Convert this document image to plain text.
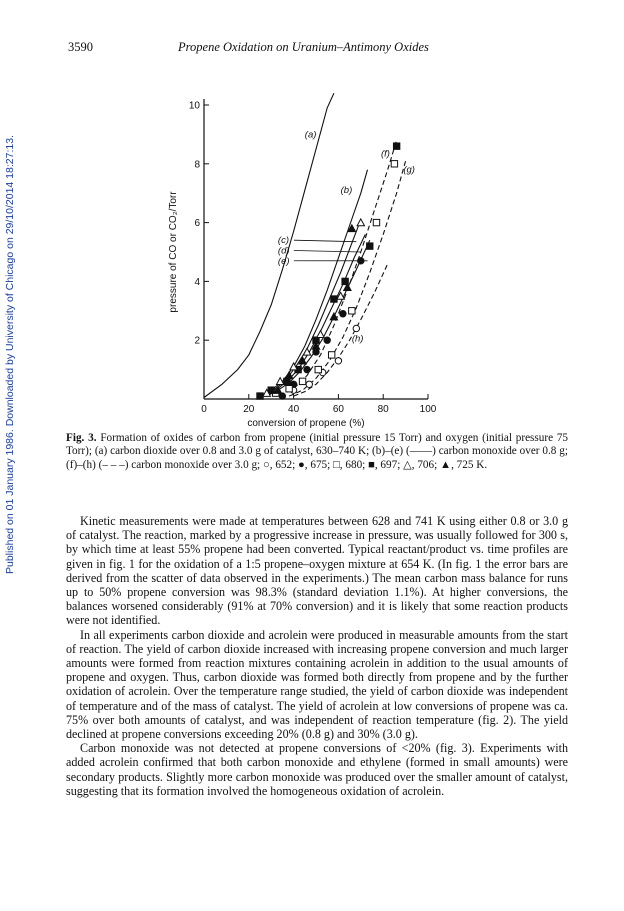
Published on 01 January 1986. Downloaded by University of Chicago on 29/10/2014 18:27:13.
3590	Propene Oxidation on Uranium–Antimony Oxides
0	20	40	60	80	100
2
4
6
8
10
conversion of propene (%)
pressure of CO or CO₂/Torr
(a)
(b)
(c)
(d)
(e)
(f)
(g)
(h)
Fig. 3. Formation of oxides of carbon from propene (initial pressure 15 Torr) and oxygen (initial pressure 75 Torr); (a) carbon dioxide over 0.8 and 3.0 g of catalyst, 630–740 K; (b)–(e) (——) carbon monoxide over 0.8 g; (f)–(h) (– – –) carbon monoxide over 3.0 g; ○, 652; ●, 675; □, 680; ■, 697; △, 706; ▲, 725 K.

Kinetic measurements were made at temperatures between 628 and 741 K using either 0.8 or 3.0 g of catalyst. The reaction, marked by a progressive increase in pressure, was usually followed for 300 s, by which time at least 55% propene had been converted. Typical reactant/product vs. time profiles are given in fig. 1 for the oxidation of a 1:5 propene–oxygen mixture at 654 K. (In fig. 1 the error bars are derived from the scatter of data observed in the experiments.) The mean carbon mass balance for runs up to 50% propene conversion was 98.3% (standard deviation 1.1%). At higher conversions, the balances worsened considerably (91% at 70% conversion) and it is likely that some reaction products were not identified.

In all experiments carbon dioxide and acrolein were produced in measurable amounts from the start of reaction. The yield of carbon dioxide increased with increasing propene conversion and much larger amounts were formed from reaction mixtures containing acrolein in addition to the usual amounts of propene and oxygen. Thus, carbon dioxide was formed both directly from propene and by the further oxidation of acrolein. Over the temperature range studied, the yield of carbon dioxide was independent of temperature and of the mass of catalyst. The yield of acrolein at low conversions of propene was ca. 75% over both amounts of catalyst, and was independent of reaction temperature (fig. 2). The yield declined at propene conversions exceeding 20% (0.8 g) and 30% (3.0 g).

Carbon monoxide was not detected at propene conversions of <20% (fig. 3). Experiments with added acrolein confirmed that both carbon monoxide and ethylene (formed in small amounts) were secondary products. Slightly more carbon monoxide was produced over the smaller amount of catalyst, suggesting that its formation involved the homogeneous oxidation of acrolein.
